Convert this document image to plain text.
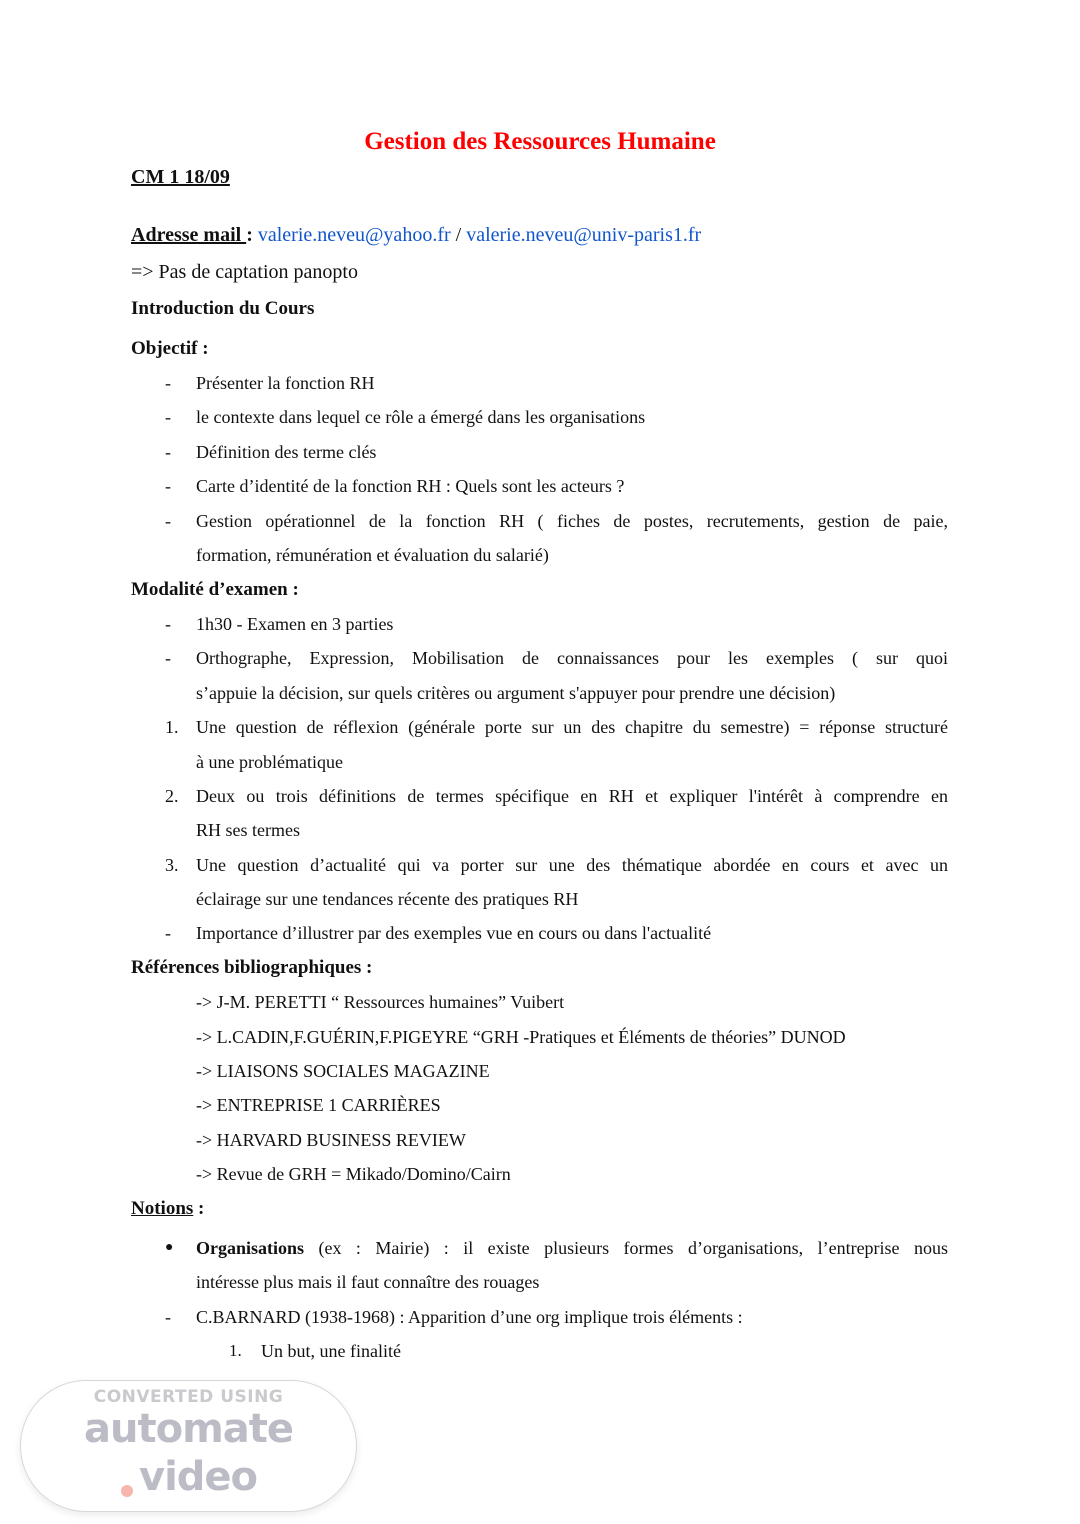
Gestion des Ressources Humaine
CM 1 18/09
Adresse mail : valerie.neveu@yahoo.fr / valerie.neveu@univ-paris1.fr
=> Pas de captation panopto
Introduction du Cours
Objectif :
- Présenter la fonction RH
- le contexte dans lequel ce rôle a émergé dans les organisations
- Définition des terme clés
- Carte d’identité de la fonction RH : Quels sont les acteurs ?
- Gestion opérationnel de la fonction RH ( fiches de postes, recrutements, gestion de paie,
formation, rémunération et évaluation du salarié)
Modalité d’examen :
- 1h30 - Examen en 3 parties
- Orthographe, Expression, Mobilisation de connaissances pour les exemples ( sur quoi
s’appuie la décision, sur quels critères ou argument s'appuyer pour prendre une décision)
1. Une question de réflexion (générale porte sur un des chapitre du semestre) = réponse structuré
à une problématique
2. Deux ou trois définitions de termes spécifique en RH et expliquer l'intérêt à comprendre en
RH ses termes
3. Une question d’actualité qui va porter sur une des thématique abordée en cours et avec un
éclairage sur une tendances récente des pratiques RH
- Importance d’illustrer par des exemples vue en cours ou dans l'actualité
Références bibliographiques :
-> J-M. PERETTI “ Ressources humaines” Vuibert
-> L.CADIN,F.GUÉRIN,F.PIGEYRE “GRH -Pratiques et Éléments de théories” DUNOD
-> LIAISONS SOCIALES MAGAZINE
-> ENTREPRISE 1 CARRIÈRES
-> HARVARD BUSINESS REVIEW
-> Revue de GRH = Mikado/Domino/Cairn
Notions :
● Organisations (ex : Mairie) : il existe plusieurs formes d’organisations, l’entreprise nous
intéresse plus mais il faut connaître des rouages
- C.BARNARD (1938-1968) : Apparition d’une org implique trois éléments :
1. Un but, une finalité
CONVERTED USING
automate
video
